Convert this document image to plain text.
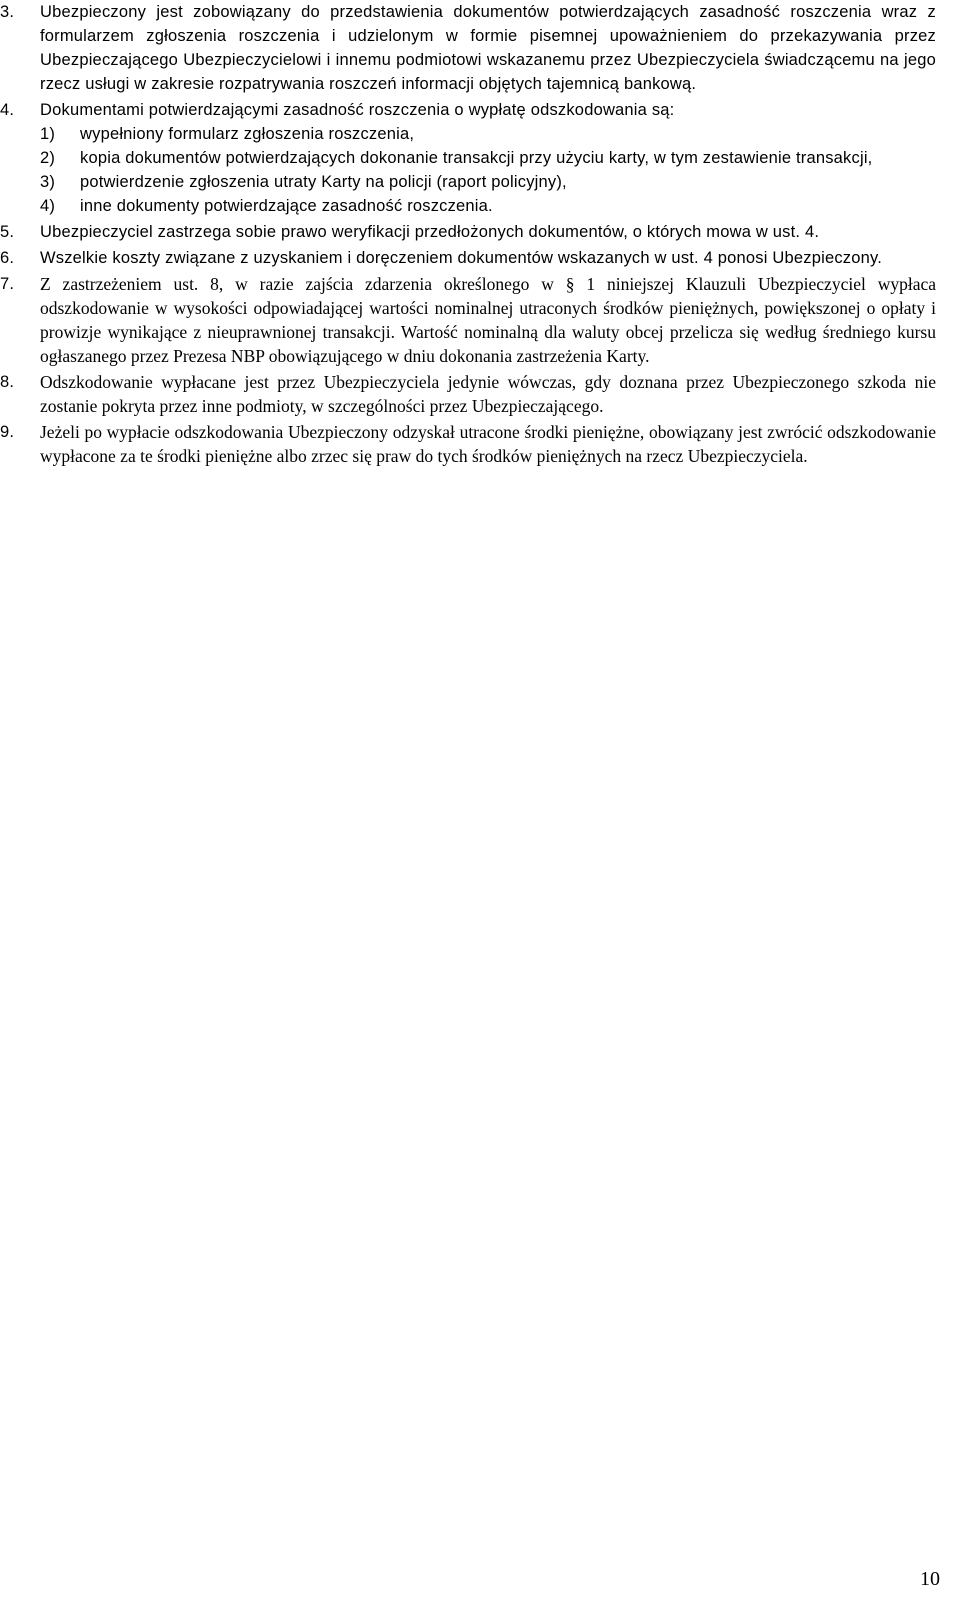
3. Ubezpieczony jest zobowiązany do przedstawienia dokumentów potwierdzających zasadność roszczenia wraz z formularzem zgłoszenia roszczenia i udzielonym w formie pisemnej upoważnieniem do przekazywania przez Ubezpieczającego Ubezpieczycielowi i innemu podmiotowi wskazanemu przez Ubezpieczyciela świadczącemu na jego rzecz usługi w zakresie rozpatrywania roszczeń informacji objętych tajemnicą bankową.
4. Dokumentami potwierdzającymi zasadność roszczenia o wypłatę odszkodowania są:
1) wypełniony formularz zgłoszenia roszczenia,
2) kopia dokumentów potwierdzających dokonanie transakcji przy użyciu karty, w tym zestawienie transakcji,
3) potwierdzenie zgłoszenia utraty Karty na policji (raport policyjny),
4) inne dokumenty potwierdzające zasadność roszczenia.
5. Ubezpieczyciel zastrzega sobie prawo weryfikacji przedłożonych dokumentów, o których mowa w ust. 4.
6. Wszelkie koszty związane z uzyskaniem i doręczeniem dokumentów wskazanych w ust. 4 ponosi Ubezpieczony.
7. Z zastrzeżeniem ust. 8, w razie zajścia zdarzenia określonego w § 1 niniejszej Klauzuli Ubezpieczyciel wypłaca odszkodowanie w wysokości odpowiadającej wartości nominalnej utraconych środków pieniężnych, powiększonej o opłaty i prowizje wynikające z nieuprawnionej transakcji. Wartość nominalną dla waluty obcej przelicza się według średniego kursu ogłaszanego przez Prezesa NBP obowiązującego w dniu dokonania zastrzeżenia Karty.
8. Odszkodowanie wypłacane jest przez Ubezpieczyciela jedynie wówczas, gdy doznana przez Ubezpieczonego szkoda nie zostanie pokryta przez inne podmioty, w szczególności przez Ubezpieczającego.
9. Jeżeli po wypłacie odszkodowania Ubezpieczony odzyskał utracone środki pieniężne, obowiązany jest zwrócić odszkodowanie wypłacone za te środki pieniężne albo zrzec się praw do tych środków pieniężnych na rzecz Ubezpieczyciela.
10
